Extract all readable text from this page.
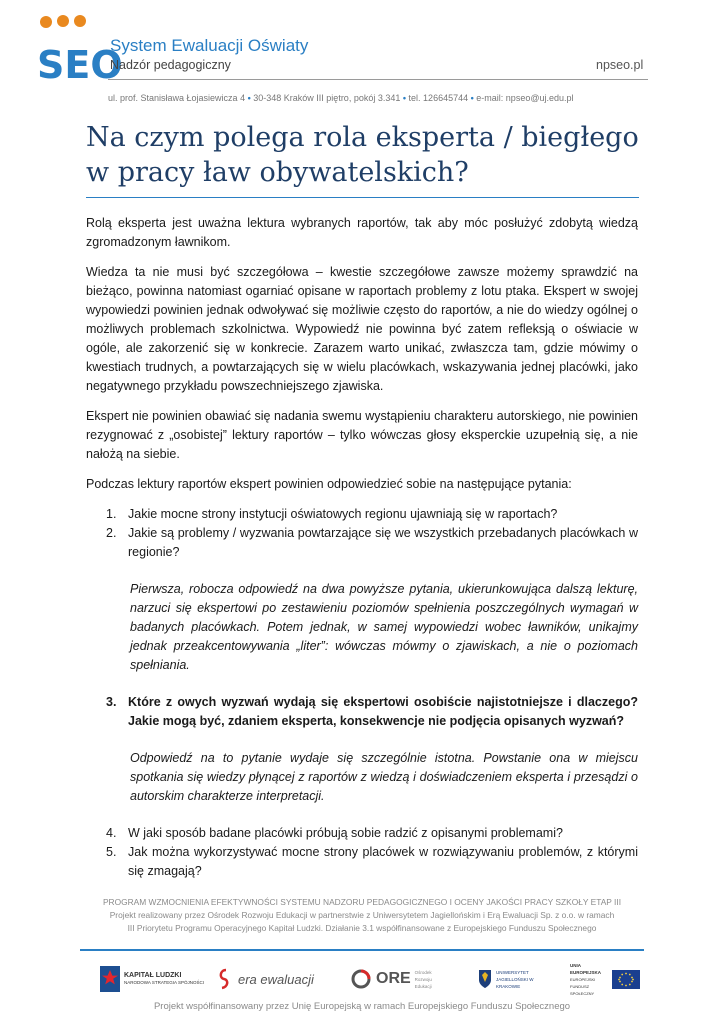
SEO
System Ewaluacji Oświaty
Nadzór pedagogiczny	npseo.pl
ul. prof. Stanisława Łojasiewicza 4 • 30-348 Kraków III piętro, pokój 3.341 • tel. 126645744 • e-mail: npseo@uj.edu.pl
Na czym polega rola eksperta / biegłego w pracy ław obywatelskich?

Rolą eksperta jest uważna lektura wybranych raportów, tak aby móc posłużyć zdobytą wiedzą zgromadzonym ławnikom.

Wiedza ta nie musi być szczegółowa – kwestie szczegółowe zawsze możemy sprawdzić na bieżąco, powinna natomiast ogarniać opisane w raportach problemy z lotu ptaka. Ekspert w swojej wypowiedzi powinien jednak odwoływać się możliwie często do raportów, a nie do wiedzy ogólnej o możliwych problemach szkolnictwa. Wypowiedź nie powinna być zatem refleksją o oświacie w ogóle, ale zakorzenić się w konkrecie. Zarazem warto unikać, zwłaszcza tam, gdzie mówimy o kwestiach trudnych, a powtarzających się w wielu placówkach, wskazywania jednej placówki, jako negatywnego przykładu powszechniejszego zjawiska.

Ekspert nie powinien obawiać się nadania swemu wystąpieniu charakteru autorskiego, nie powinien rezygnować z „osobistej” lektury raportów – tylko wówczas głosy eksperckie uzupełnią się, a nie nałożą na siebie.

Podczas lektury raportów ekspert powinien odpowiedzieć sobie na następujące pytania:

1. Jakie mocne strony instytucji oświatowych regionu ujawniają się w raportach?
2. Jakie są problemy / wyzwania powtarzające się we wszystkich przebadanych placówkach w regionie?
Pierwsza, robocza odpowiedź na dwa powyższe pytania, ukierunkowująca dalszą lekturę, narzuci się ekspertowi po zestawieniu poziomów spełnienia poszczególnych wymagań w badanych placówkach. Potem jednak, w samej wypowiedzi wobec ławników, unikajmy jednak przeakcentowywania „liter”: wówczas mówmy o zjawiskach, a nie o poziomach spełniania.
3. Które z owych wyzwań wydają się ekspertowi osobiście najistotniejsze i dlaczego? Jakie mogą być, zdaniem eksperta, konsekwencje nie podjęcia opisanych wyzwań?
Odpowiedź na to pytanie wydaje się szczególnie istotna. Powstanie ona w miejscu spotkania się wiedzy płynącej z raportów z wiedzą i doświadczeniem eksperta i przesądzi o autorskim charakterze interpretacji.
4. W jaki sposób badane placówki próbują sobie radzić z opisanymi problemami?
5. Jak można wykorzystywać mocne strony placówek w rozwiązywaniu problemów, z którymi się zmagają?
PROGRAM WZMOCNIENIA EFEKTYWNOŚCI SYSTEMU NADZORU PEDAGOGICZNEGO I OCENY JAKOŚCI PRACY SZKOŁY ETAP III
Projekt realizowany przez Ośrodek Rozwoju Edukacji w partnerstwie z Uniwersytetem Jagiellońskim i Erą Ewaluacji Sp. z o.o. w ramach
III Priorytetu Programu Operacyjnego Kapitał Ludzki. Działanie 3.1 współfinansowane z Europejskiego Funduszu Społecznego
KAPITAŁ LUDZKI
NARODOWA STRATEGIA SPÓJNOŚCI	era ewaluacji	ORE Ośrodek Rozwoju Edukacji
UNIWERSYTET JAGIELLOŃSKI W KRAKOWIE
UNIA EUROPEJSKA
EUROPEJSKI FUNDUSZ SPOŁECZNY
Projekt współfinansowany przez Unię Europejską w ramach Europejskiego Funduszu Społecznego
